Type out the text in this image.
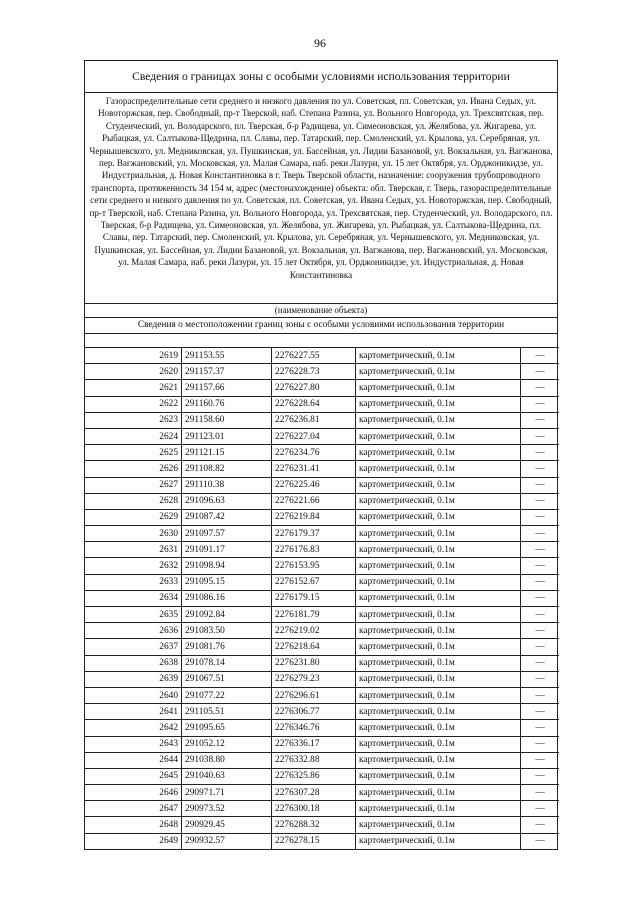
96
Сведения о границах зоны с особыми условиями использования территории
Газораспределительные сети среднего и низкого давления по ул. Советская, пл. Советская, ул. Ивана Седых, ул. Новоторжская, пер. Свободный, пр-т Тверской, наб. Степана Разина, ул. Вольного Новгорода, ул. Трехсвятская, пер. Студенческий, ул. Володарского, пл. Тверская, б-р Радищева, ул. Симеоновская, ул. Желябова, ул. Жигарева, ул. Рыбацкая, ул. Салтыкова-Щедрина, пл. Славы, пер. Татарский, пер. Смоленский, ул. Крылова, ул. Серебряная, ул. Чернышевского, ул. Медниковская, ул. Пушкинская, ул. Бассейная, ул. Лидии Базановой, ул. Вокзальная, ул. Вагжанова, пер. Вагжановский, ул. Московская, ул. Малая Самара, наб. реки Лазури, ул. 15 лет Октября, ул. Орджоникидзе, ул. Индустриальная, д. Новая Константиновка в г. Тверь Тверской области, назначение: сооружения трубопроводного транспорта, протяженность 34 154 м, адрес (местонахождение) объекта: обл. Тверская, г. Тверь, газораспределительные сети среднего и низкого давления по ул. Советская, пл. Советская, ул. Ивана Седых, ул. Новоторжская, пер. Свободный, пр-т Тверской, наб. Степана Разина, ул. Вольного Новгорода, ул. Трехсвятская, пер. Студенческий, ул. Володарского, пл. Тверская, б-р Радищева, ул. Симеоновская, ул. Желябова, ул. Жигарева, ул. Рыбацкая, ул. Салтыкова-Щедрина, пл. Славы, пер. Татарский, пер. Смоленский, ул. Крылова, ул. Серебряная, ул. Чернышевского, ул. Медниковская, ул. Пушкинская, ул. Бассейная, ул. Лидии Базановой, ул. Вокзальная, ул. Вагжанова, пер. Вагжановский, ул. Московская, ул. Малая Самара, наб. реки Лазури, ул. 15 лет Октября, ул. Орджоникидзе, ул. Индустриальная, д. Новая Константиновка
(наименование объекта)
Сведения о местоположении границ зоны с особыми условиями использования территории
2619	291153.55	2276227.55	картометрический, 0.1м	—
2620	291157.37	2276228.73	картометрический, 0.1м	—
2621	291157.66	2276227.80	картометрический, 0.1м	—
2622	291160.76	2276228.64	картометрический, 0.1м	—
2623	291158.60	2276236.81	картометрический, 0.1м	—
2624	291123.01	2276227.04	картометрический, 0.1м	—
2625	291121.15	2276234.76	картометрический, 0.1м	—
2626	291108.82	2276231.41	картометрический, 0.1м	—
2627	291110.38	2276225.46	картометрический, 0.1м	—
2628	291096.63	2276221.66	картометрический, 0.1м	—
2629	291087.42	2276219.84	картометрический, 0.1м	—
2630	291097.57	2276179.37	картометрический, 0.1м	—
2631	291091.17	2276176.83	картометрический, 0.1м	—
2632	291098.94	2276153.95	картометрический, 0.1м	—
2633	291095.15	2276152.67	картометрический, 0.1м	—
2634	291086.16	2276179.15	картометрический, 0.1м	—
2635	291092.84	2276181.79	картометрический, 0.1м	—
2636	291083.50	2276219.02	картометрический, 0.1м	—
2637	291081.76	2276218.64	картометрический, 0.1м	—
2638	291078.14	2276231.80	картометрический, 0.1м	—
2639	291067.51	2276279.23	картометрический, 0.1м	—
2640	291077.22	2276296.61	картометрический, 0.1м	—
2641	291105.51	2276306.77	картометрический, 0.1м	—
2642	291095.65	2276346.76	картометрический, 0.1м	—
2643	291052.12	2276336.17	картометрический, 0.1м	—
2644	291038.80	2276332.88	картометрический, 0.1м	—
2645	291040.63	2276325.86	картометрический, 0.1м	—
2646	290971.71	2276307.28	картометрический, 0.1м	—
2647	290973.52	2276300.18	картометрический, 0.1м	—
2648	290929.45	2276288.32	картометрический, 0.1м	—
2649	290932.57	2276278.15	картометрический, 0.1м	—
